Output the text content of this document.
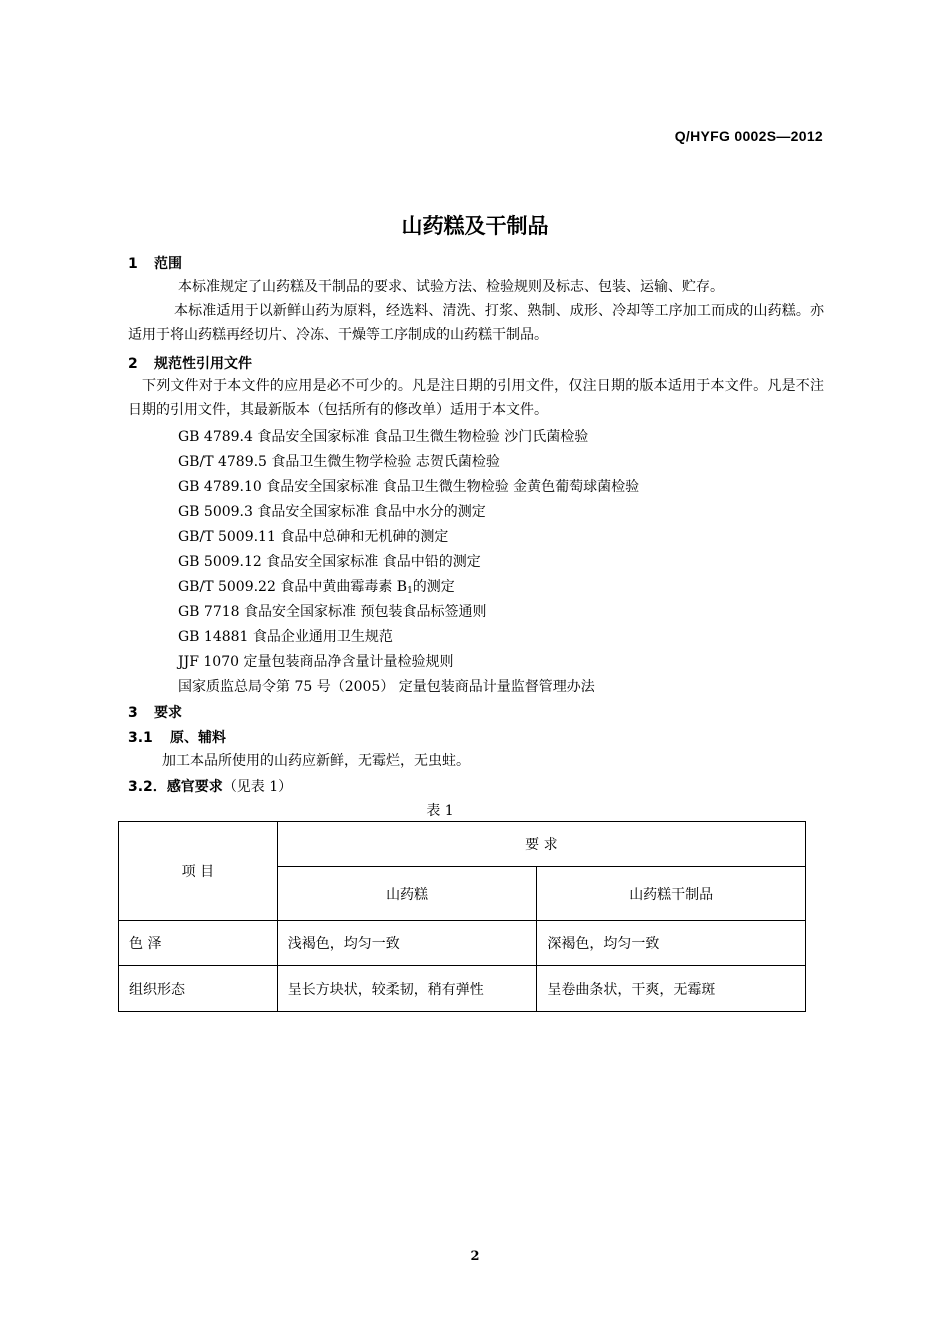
Q/HYFG 0002S—2012
山药糕及干制品
1 范围
本标准规定了山药糕及干制品的要求、试验方法、检验规则及标志、包装、运输、贮存。
本标准适用于以新鲜山药为原料，经选料、清洗、打浆、熟制、成形、冷却等工序加工而成的山药糕。亦适用于将山药糕再经切片、冷冻、干燥等工序制成的山药糕干制品。
2 规范性引用文件
下列文件对于本文件的应用是必不可少的。凡是注日期的引用文件，仅注日期的版本适用于本文件。凡是不注日期的引用文件，其最新版本（包括所有的修改单）适用于本文件。
GB 4789.4 食品安全国家标准 食品卫生微生物检验 沙门氏菌检验
GB/T 4789.5 食品卫生微生物学检验 志贺氏菌检验
GB 4789.10 食品安全国家标准 食品卫生微生物检验 金黄色葡萄球菌检验
GB 5009.3 食品安全国家标准 食品中水分的测定
GB/T 5009.11 食品中总砷和无机砷的测定
GB 5009.12 食品安全国家标准 食品中铅的测定
GB/T 5009.22 食品中黄曲霉毒素 $B_1$的测定
GB 7718 食品安全国家标准 预包装食品标签通则
GB 14881 食品企业通用卫生规范
JJF 1070 定量包装商品净含量计量检验规则
国家质监总局令第 75 号（2005） 定量包装商品计量监督管理办法
3 要求
3.1 原、辅料
加工本品所使用的山药应新鲜，无霉烂，无虫蛀。
3.2．感官要求（见表 1）
表 1
项 目	要 求	
	山药糕	山药糕干制品
色 泽	浅褐色，均匀一致	深褐色，均匀一致
组织形态	呈长方块状，较柔韧，稍有弹性	呈卷曲条状，干爽，无霉斑
2
